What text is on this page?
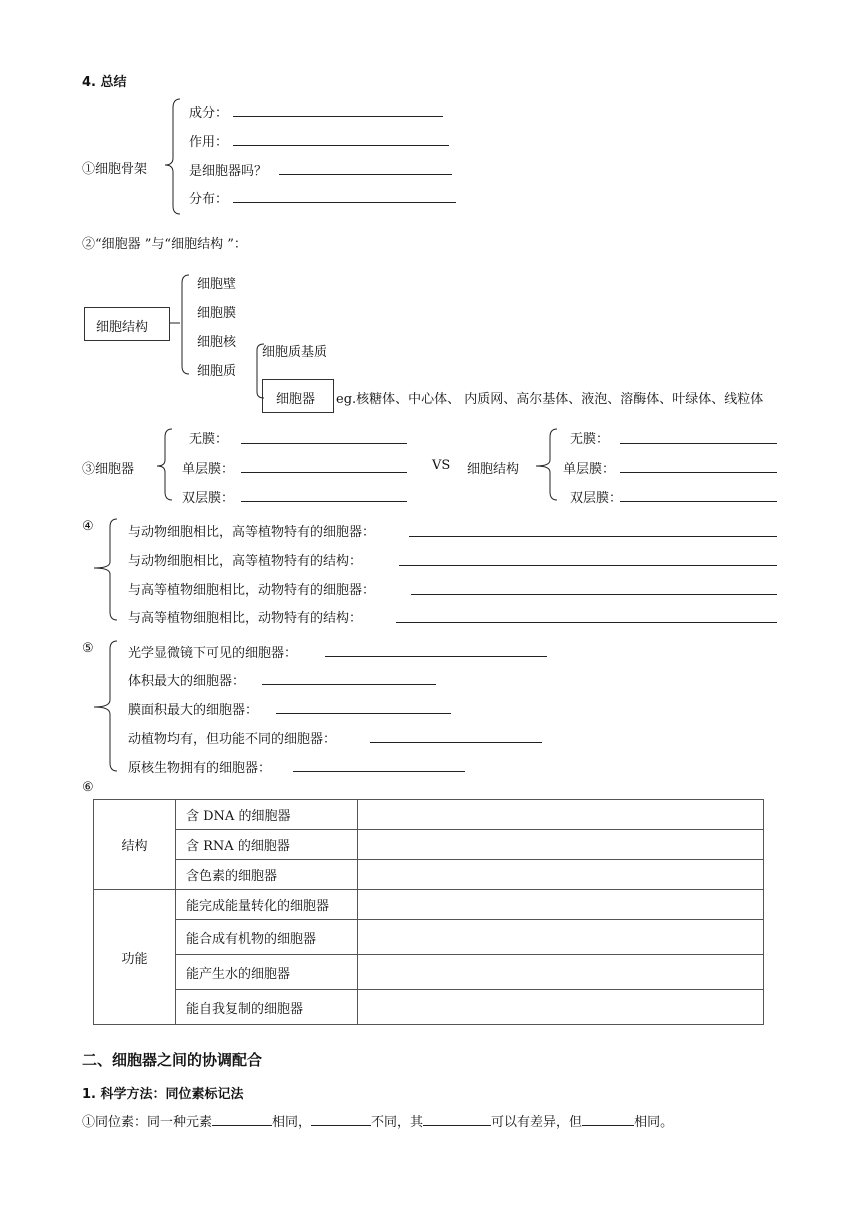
4. 总结
①细胞骨架
成分：
作用：
是细胞器吗？
分布：
②“细胞器 ”与“细胞结构 ”：
细胞结构
细胞壁
细胞膜
细胞核
细胞质
细胞质基质
细胞器 eg.核糖体、中心体、 内质网、高尔基体、液泡、溶酶体、叶绿体、线粒体
③细胞器
无膜：
单层膜：
双层膜：
VS 细胞结构
无膜：
单层膜：
双层膜：
④	与动物细胞相比，高等植物特有的细胞器：
与动物细胞相比，高等植物特有的结构：
与高等植物细胞相比，动物特有的细胞器：
与高等植物细胞相比，动物特有的结构：
⑤	光学显微镜下可见的细胞器：
体积最大的细胞器：
膜面积最大的细胞器：
动植物均有，但功能不同的细胞器：
原核生物拥有的细胞器：
⑥
结构	含 DNA 的细胞器	
	含 RNA 的细胞器	
	含色素的细胞器	
功能	能完成能量转化的细胞器	
	能合成有机物的细胞器	
	能产生水的细胞器	
	能自我复制的细胞器	
二、细胞器之间的协调配合
1. 科学方法：同位素标记法
①同位素：同一种元素	相同，	不同，其	可以有差异，但	相同。
